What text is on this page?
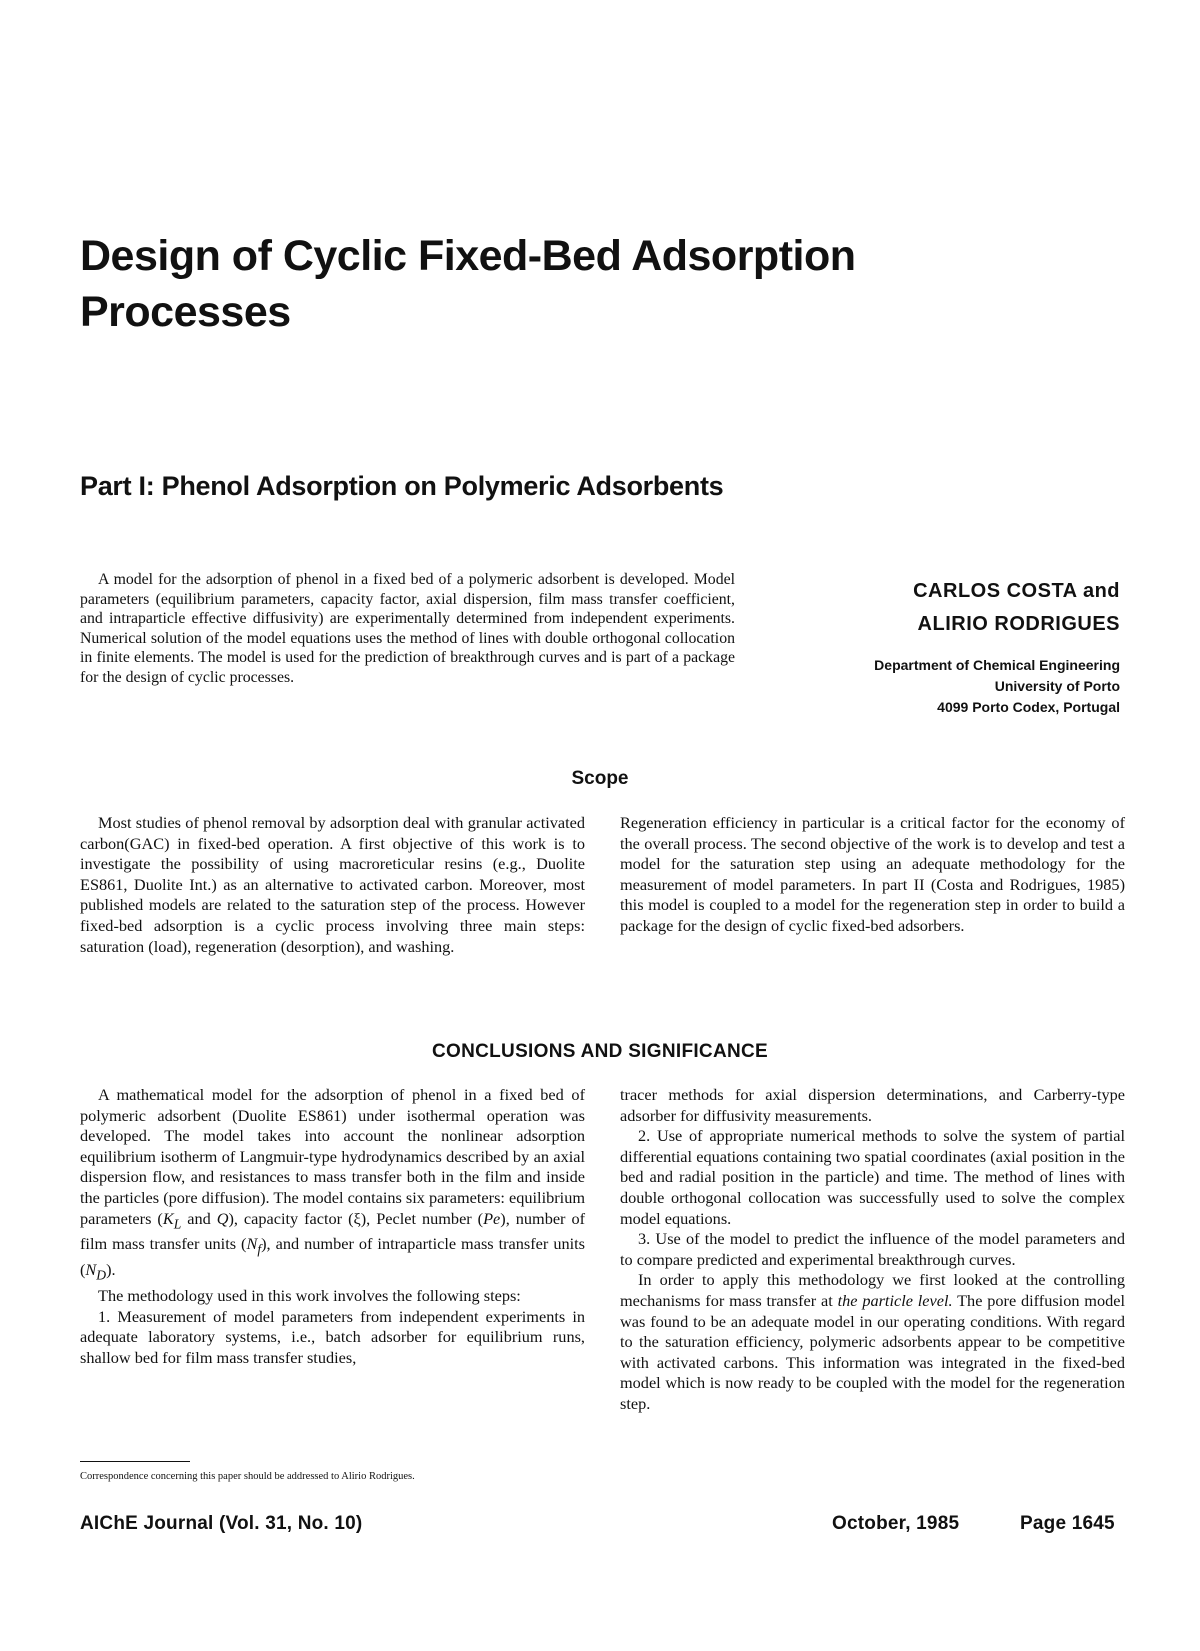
Design of Cyclic Fixed-Bed Adsorption Processes
Part I: Phenol Adsorption on Polymeric Adsorbents

A model for the adsorption of phenol in a fixed bed of a polymeric adsorbent is developed. Model parameters (equilibrium parameters, capacity factor, axial dispersion, film mass transfer coefficient, and intraparticle effective diffusivity) are experimentally determined from independent experiments. Numerical solution of the model equations uses the method of lines with double orthogonal collocation in finite elements. The model is used for the prediction of breakthrough curves and is part of a package for the design of cyclic processes.

CARLOS COSTA and
ALIRIO RODRIGUES
Department of Chemical Engineering
University of Porto
4099 Porto Codex, Portugal
Scope

Most studies of phenol removal by adsorption deal with granular activated carbon(GAC) in fixed-bed operation. A first objective of this work is to investigate the possibility of using macroreticular resins (e.g., Duolite ES861, Duolite Int.) as an alternative to activated carbon. Moreover, most published models are related to the saturation step of the process. However fixed-bed adsorption is a cyclic process involving three main steps: saturation (load), regeneration (desorption), and washing.

Regeneration efficiency in particular is a critical factor for the economy of the overall process. The second objective of the work is to develop and test a model for the saturation step using an adequate methodology for the measurement of model parameters. In part II (Costa and Rodrigues, 1985) this model is coupled to a model for the regeneration step in order to build a package for the design of cyclic fixed-bed adsorbers.

CONCLUSIONS AND SIGNIFICANCE

A mathematical model for the adsorption of phenol in a fixed bed of polymeric adsorbent (Duolite ES861) under isothermal operation was developed. The model takes into account the nonlinear adsorption equilibrium isotherm of Langmuir-type hydrodynamics described by an axial dispersion flow, and resistances to mass transfer both in the film and inside the particles (pore diffusion). The model contains six parameters: equilibrium parameters ($K_L$ and Q), capacity factor (ξ), Peclet number (Pe), number of film mass transfer units $(N_f)$, and number of intraparticle mass transfer units $(N_D)$.

The methodology used in this work involves the following steps:

1. Measurement of model parameters from independent experiments in adequate laboratory systems, i.e., batch adsorber for equilibrium runs, shallow bed for film mass transfer studies,

tracer methods for axial dispersion determinations, and Carberry-type adsorber for diffusivity measurements.

2. Use of appropriate numerical methods to solve the system of partial differential equations containing two spatial coordinates (axial position in the bed and radial position in the particle) and time. The method of lines with double orthogonal collocation was successfully used to solve the complex model equations.

3. Use of the model to predict the influence of the model parameters and to compare predicted and experimental breakthrough curves.

In order to apply this methodology we first looked at the controlling mechanisms for mass transfer at the particle level. The pore diffusion model was found to be an adequate model in our operating conditions. With regard to the saturation efficiency, polymeric adsorbents appear to be competitive with activated carbons. This information was integrated in the fixed-bed model which is now ready to be coupled with the model for the regeneration step.

Correspondence concerning this paper should be addressed to Alirio Rodrigues.
AIChE Journal (Vol. 31, No. 10)	October, 1985	Page 1645
